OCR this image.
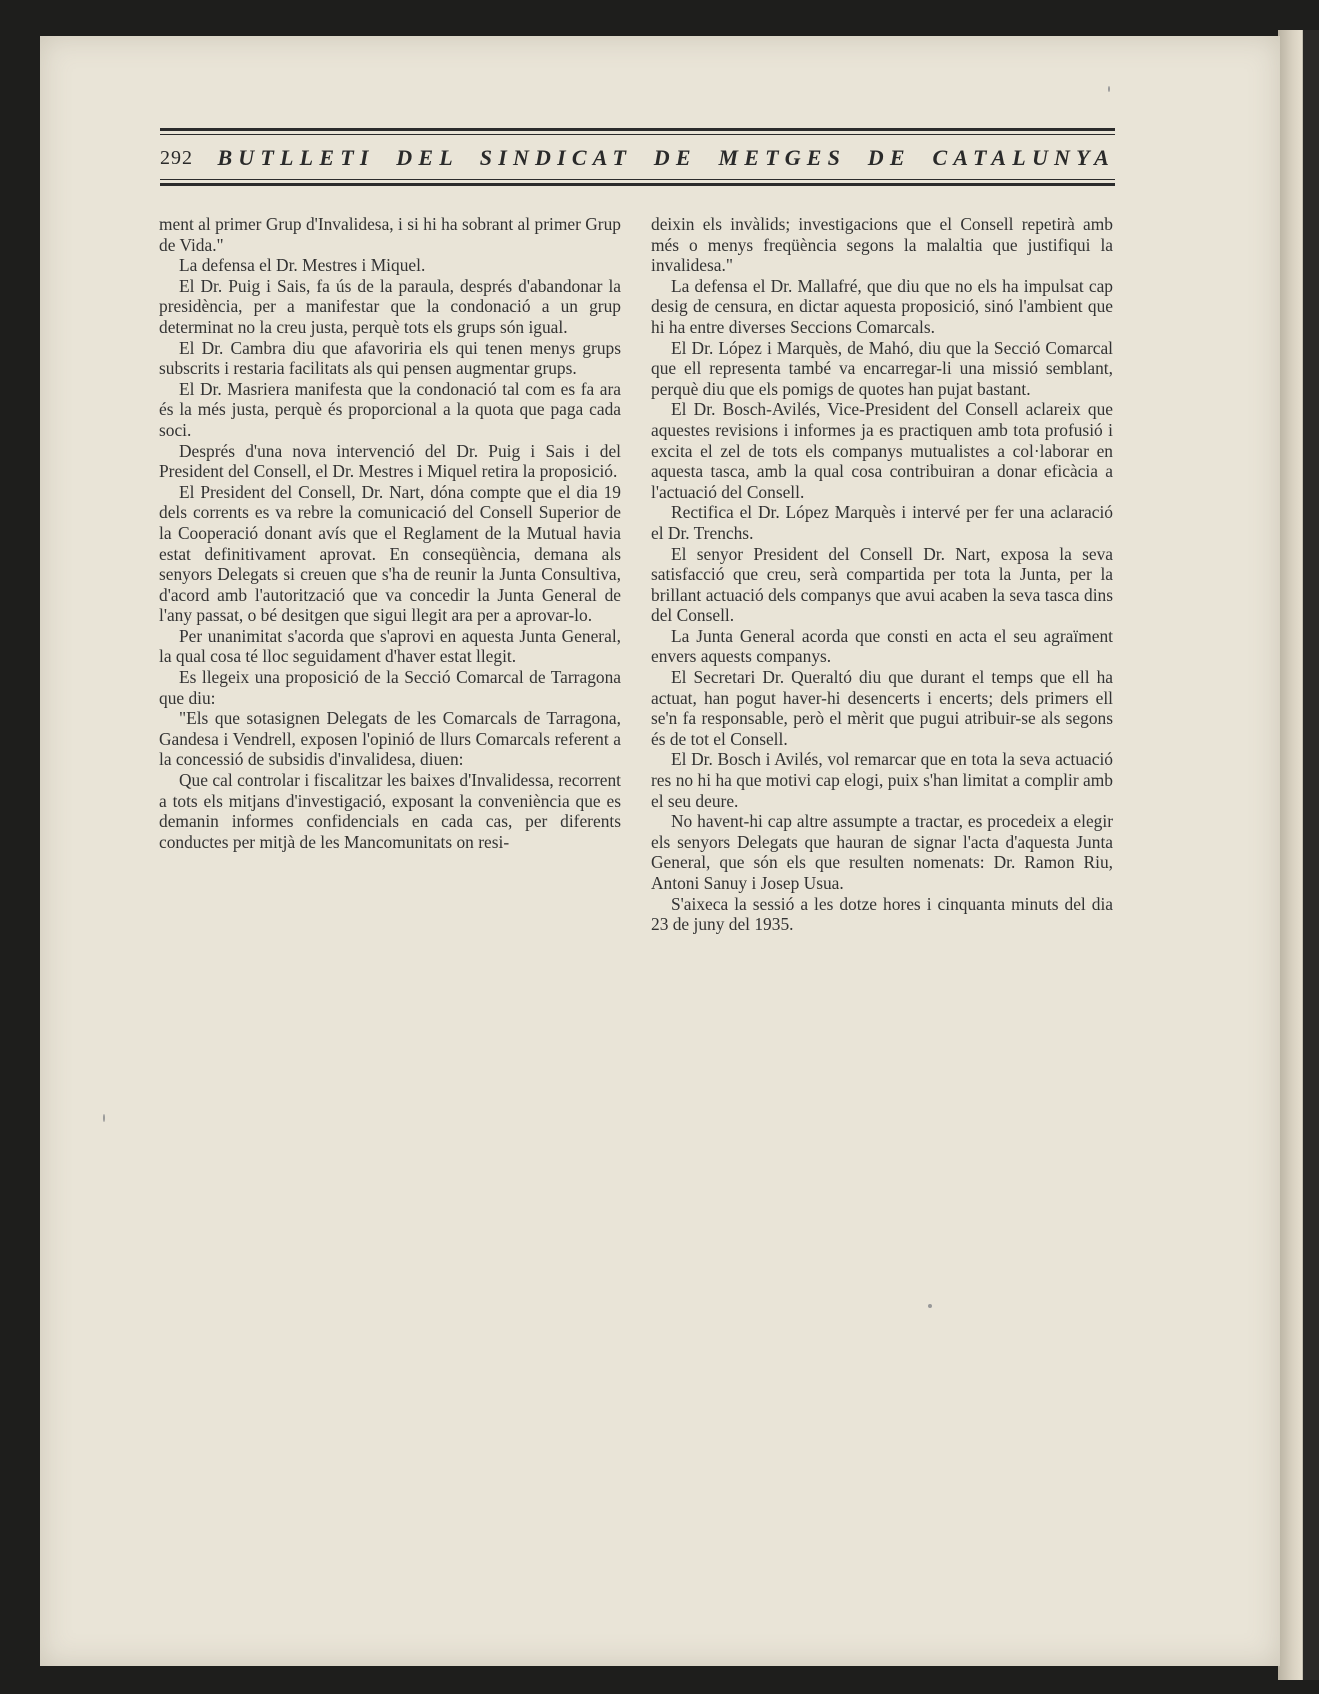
292 BUTLLETI DEL SINDICAT DE METGES DE CATALUNYA

ment al primer Grup d'Invalidesa, i si hi ha sobrant al primer Grup de Vida."

La defensa el Dr. Mestres i Miquel.

El Dr. Puig i Sais, fa ús de la paraula, després d'abandonar la presidència, per a manifestar que la condonació a un grup determinat no la creu justa, perquè tots els grups són igual.

El Dr. Cambra diu que afavoriria els qui tenen menys grups subscrits i restaria facilitats als qui pensen augmentar grups.

El Dr. Masriera manifesta que la condonació tal com es fa ara és la més justa, perquè és proporcional a la quota que paga cada soci.

Després d'una nova intervenció del Dr. Puig i Sais i del President del Consell, el Dr. Mestres i Miquel retira la proposició.

El President del Consell, Dr. Nart, dóna compte que el dia 19 dels corrents es va rebre la comunicació del Consell Superior de la Cooperació donant avís que el Reglament de la Mutual havia estat definitivament aprovat. En conseqüència, demana als senyors Delegats si creuen que s'ha de reunir la Junta Consultiva, d'acord amb l'autorització que va concedir la Junta General de l'any passat, o bé desitgen que sigui llegit ara per a aprovar-lo.

Per unanimitat s'acorda que s'aprovi en aquesta Junta General, la qual cosa té lloc seguidament d'haver estat llegit.

Es llegeix una proposició de la Secció Comarcal de Tarragona que diu:

"Els que sotasignen Delegats de les Comarcals de Tarragona, Gandesa i Vendrell, exposen l'opinió de llurs Comarcals referent a la concessió de subsidis d'invalidesa, diuen:

Que cal controlar i fiscalitzar les baixes d'Invalidessa, recorrent a tots els mitjans d'investigació, exposant la conveniència que es demanin informes confidencials en cada cas, per diferents conductes per mitjà de les Mancomunitats on resi-

deixin els invàlids; investigacions que el Consell repetirà amb més o menys freqüència segons la malaltia que justifiqui la invalidesa."

La defensa el Dr. Mallafré, que diu que no els ha impulsat cap desig de censura, en dictar aquesta proposició, sinó l'ambient que hi ha entre diverses Seccions Comarcals.

El Dr. López i Marquès, de Mahó, diu que la Secció Comarcal que ell representa també va encarregar-li una missió semblant, perquè diu que els pomigs de quotes han pujat bastant.

El Dr. Bosch-Avilés, Vice-President del Consell aclareix que aquestes revisions i informes ja es practiquen amb tota profusió i excita el zel de tots els companys mutualistes a col·laborar en aquesta tasca, amb la qual cosa contribuiran a donar eficàcia a l'actuació del Consell.

Rectifica el Dr. López Marquès i intervé per fer una aclaració el Dr. Trenchs.

El senyor President del Consell Dr. Nart, exposa la seva satisfacció que creu, serà compartida per tota la Junta, per la brillant actuació dels companys que avui acaben la seva tasca dins del Consell.

La Junta General acorda que consti en acta el seu agraïment envers aquests companys.

El Secretari Dr. Queraltó diu que durant el temps que ell ha actuat, han pogut haver-hi desencerts i encerts; dels primers ell se'n fa responsable, però el mèrit que pugui atribuir-se als segons és de tot el Consell.

El Dr. Bosch i Avilés, vol remarcar que en tota la seva actuació res no hi ha que motivi cap elogi, puix s'han limitat a complir amb el seu deure.

No havent-hi cap altre assumpte a tractar, es procedeix a elegir els senyors Delegats que hauran de signar l'acta d'aquesta Junta General, que són els que resulten nomenats: Dr. Ramon Riu, Antoni Sanuy i Josep Usua.

S'aixeca la sessió a les dotze hores i cinquanta minuts del dia 23 de juny del 1935.
